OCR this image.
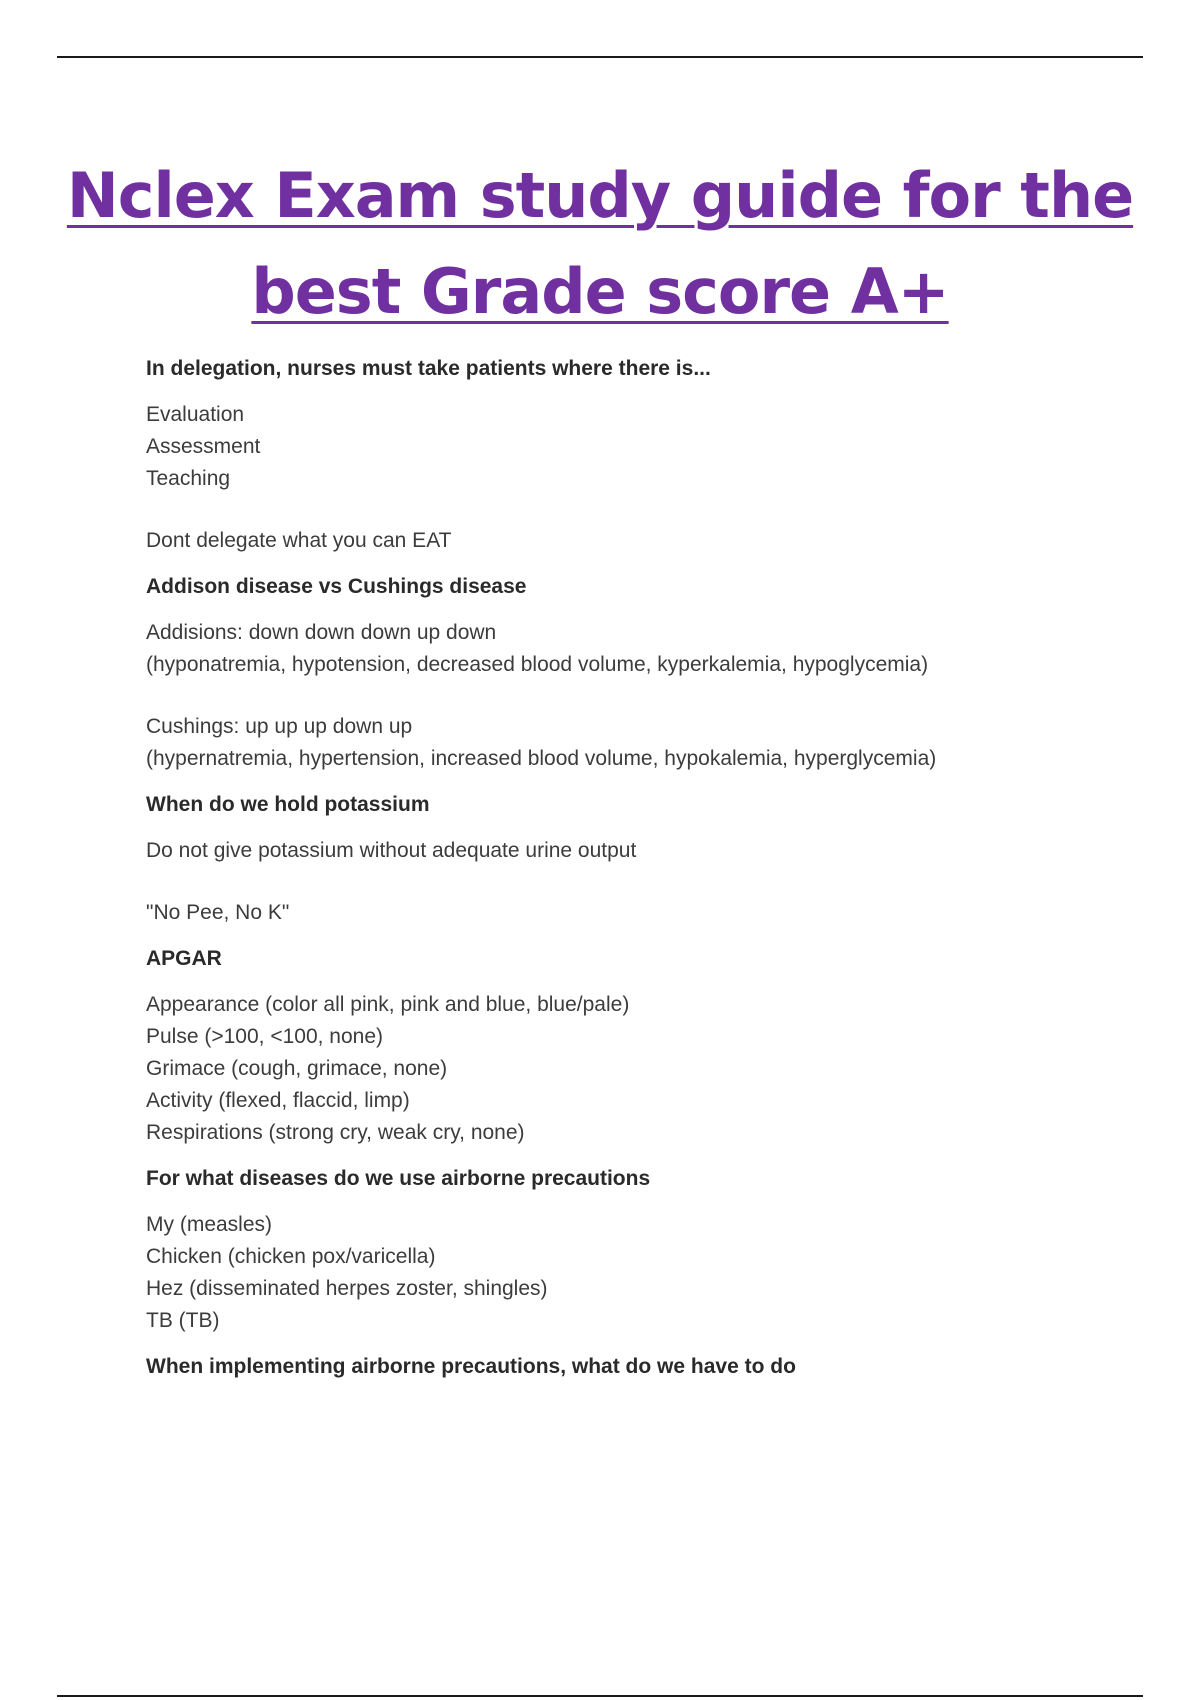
Nclex Exam study guide for the
best Grade score A+

In delegation, nurses must take patients where there is...

Evaluation
Assessment
Teaching
Dont delegate what you can EAT

Addison disease vs Cushings disease

Addisions: down down down up down
(hyponatremia, hypotension, decreased blood volume, kyperkalemia, hypoglycemia)
Cushings: up up up down up
(hypernatremia, hypertension, increased blood volume, hypokalemia, hyperglycemia)

When do we hold potassium

Do not give potassium without adequate urine output
"No Pee, No K"

APGAR

Appearance (color all pink, pink and blue, blue/pale)
Pulse (>100, <100, none)
Grimace (cough, grimace, none)
Activity (flexed, flaccid, limp)
Respirations (strong cry, weak cry, none)

For what diseases do we use airborne precautions

My (measles)
Chicken (chicken pox/varicella)
Hez (disseminated herpes zoster, shingles)
TB (TB)

When implementing airborne precautions, what do we have to do
